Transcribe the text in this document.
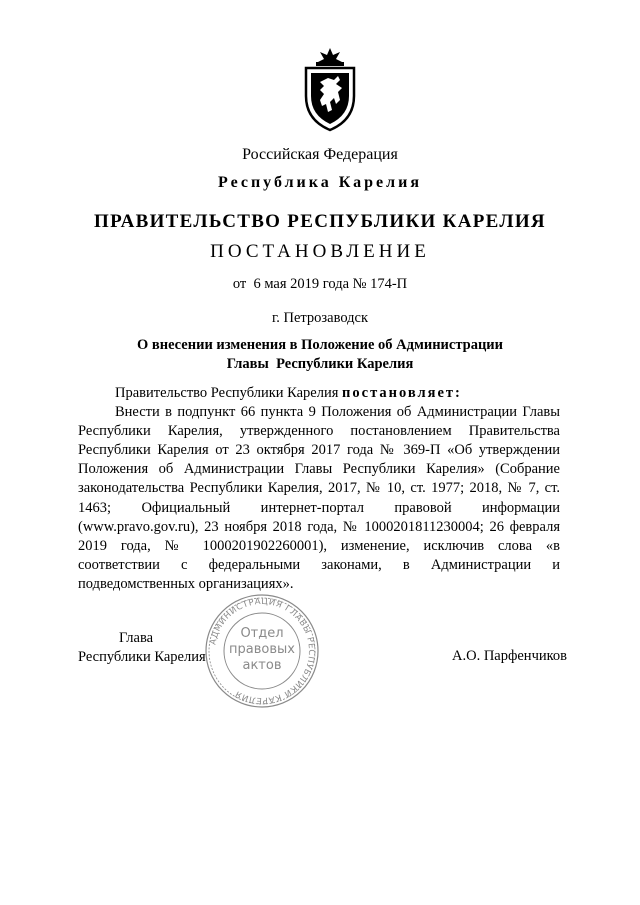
Российская Федерация
Республика Карелия
ПРАВИТЕЛЬСТВО РЕСПУБЛИКИ КАРЕЛИЯ
ПОСТАНОВЛЕНИЕ
от  6 мая 2019 года № 174-П
г. Петрозаводск
О внесении изменения в Положение об Администрации
Главы  Республики Карелия

Правительство Республики Карелия постановляет:

Внести в подпункт 66 пункта 9 Положения об Администрации Главы Республики Карелия, утвержденного постановлением Правительства Республики Карелия от 23 октября 2017 года № 369-П «Об утверждении Положения об Администрации Главы Республики Карелия» (Собрание законодательства Республики Карелия, 2017, № 10, ст. 1977; 2018, № 7, ст. 1463; Официальный интернет-портал правовой информации (www.pravo.gov.ru), 23 ноября 2018 года, № 1000201811230004; 26 февраля 2019 года, № 1000201902260001), изменение, исключив слова «в соответствии с федеральными законами, в Администрации и подведомственных организациях».

Глава
Республики Карелия	А.О. Парфенчиков
АДМИНИСТРАЦИЯ ГЛАВЫ РЕСПУБЛИКИ КАРЕЛИЯ
Отдел
правовых
актов
